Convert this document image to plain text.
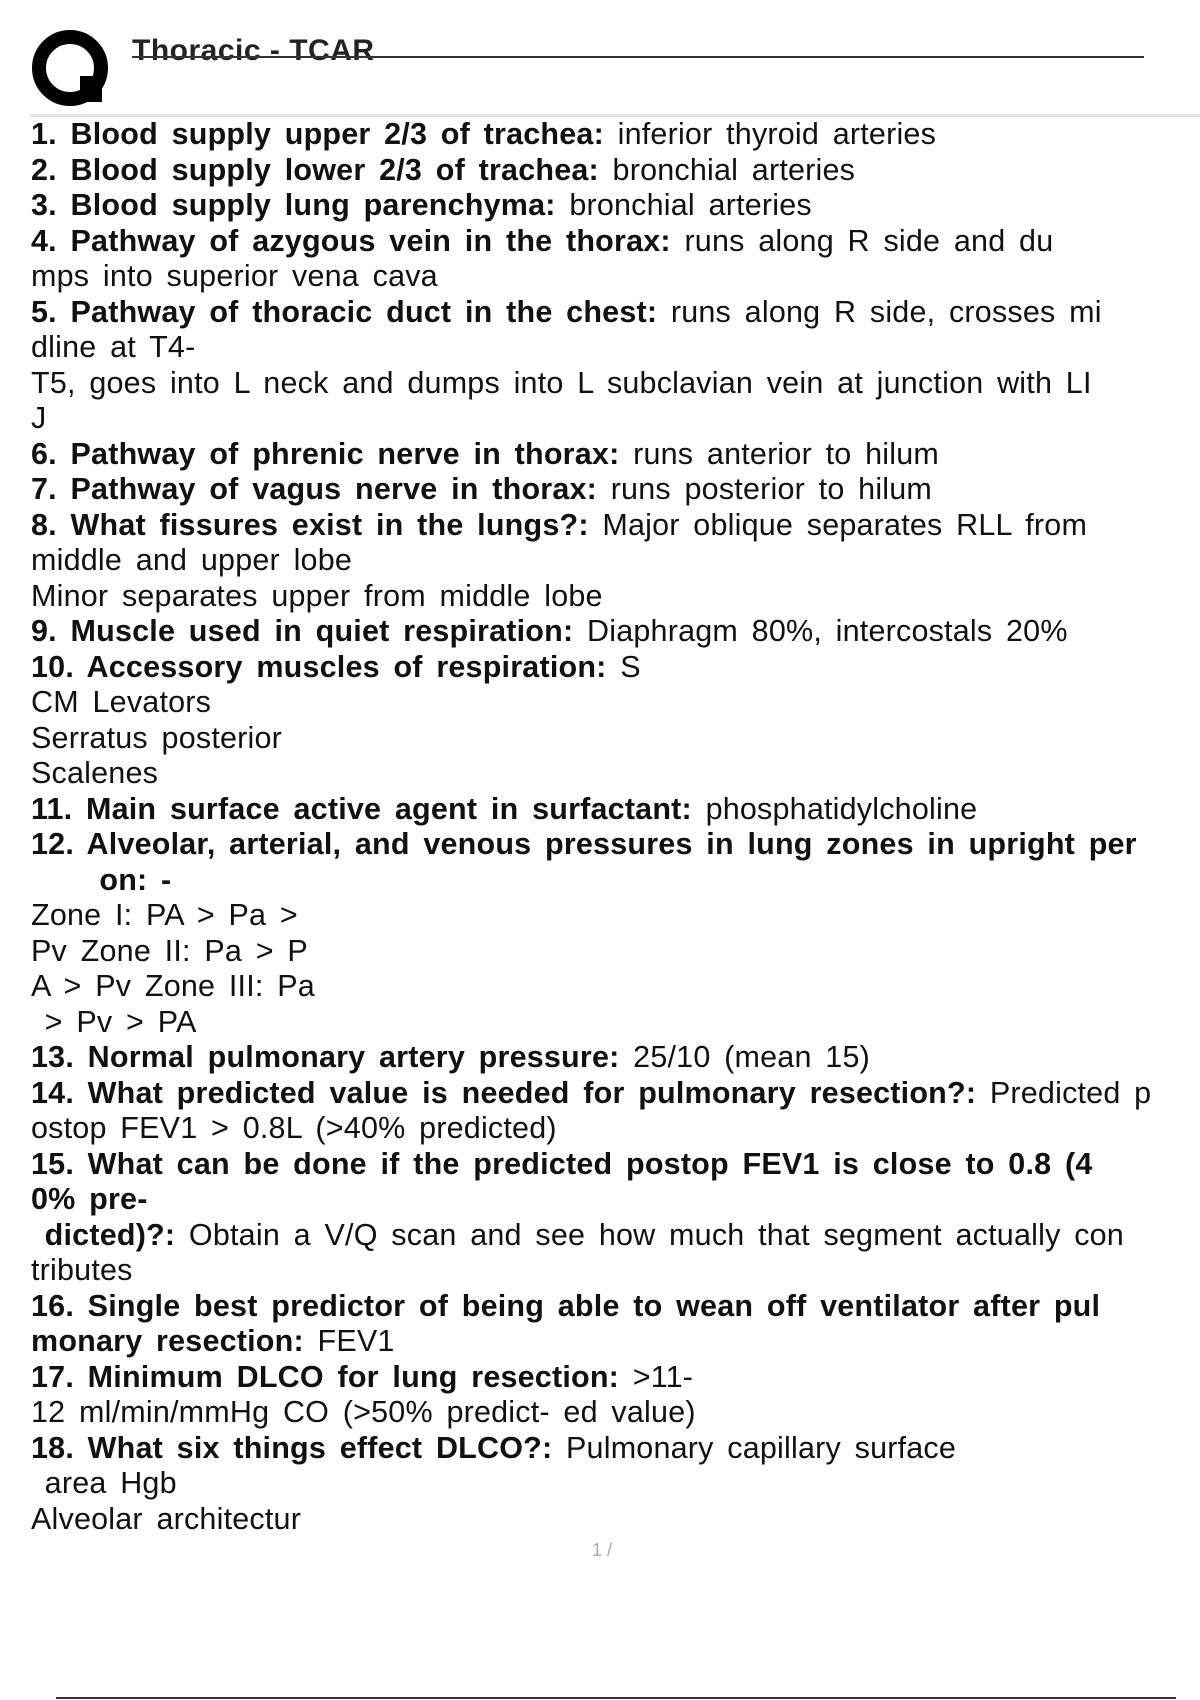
Thoracic - TCAR
1. Blood supply upper 2/3 of trachea: inferior thyroid arteries
2. Blood supply lower 2/3 of trachea: bronchial arteries
3. Blood supply lung parenchyma: bronchial arteries
4. Pathway of azygous vein in the thorax: runs along R side and du
mps into superior vena cava
5. Pathway of thoracic duct in the chest: runs along R side, crosses mi
dline at T4-
T5, goes into L neck and dumps into L subclavian vein at junction with LI
J
6. Pathway of phrenic nerve in thorax: runs anterior to hilum
7. Pathway of vagus nerve in thorax: runs posterior to hilum
8. What fissures exist in the lungs?: Major oblique separates RLL from
middle and upper lobe
Minor separates upper from middle lobe
9. Muscle used in quiet respiration: Diaphragm 80%, intercostals 20%
10. Accessory muscles of respiration: S
CM Levators
Serratus posterior
Scalenes
11. Main surface active agent in surfactant: phosphatidylcholine
12. Alveolar, arterial, and venous pressures in lung zones in upright per
on: -
Zone I: PA > Pa >
Pv Zone II: Pa > P
A > Pv Zone III: Pa
> Pv > PA
13. Normal pulmonary artery pressure: 25/10 (mean 15)
14. What predicted value is needed for pulmonary resection?: Predicted p
ostop FEV1 > 0.8L (>40% predicted)
15. What can be done if the predicted postop FEV1 is close to 0.8 (4
0% pre-
dicted)?: Obtain a V/Q scan and see how much that segment actually con
tributes
16. Single best predictor of being able to wean off ventilator after pul
monary resection: FEV1
17. Minimum DLCO for lung resection: >11-
12 ml/min/mmHg CO (>50% predict- ed value)
18. What six things effect DLCO?: Pulmonary capillary surface
area Hgb
Alveolar architectur
1 /
